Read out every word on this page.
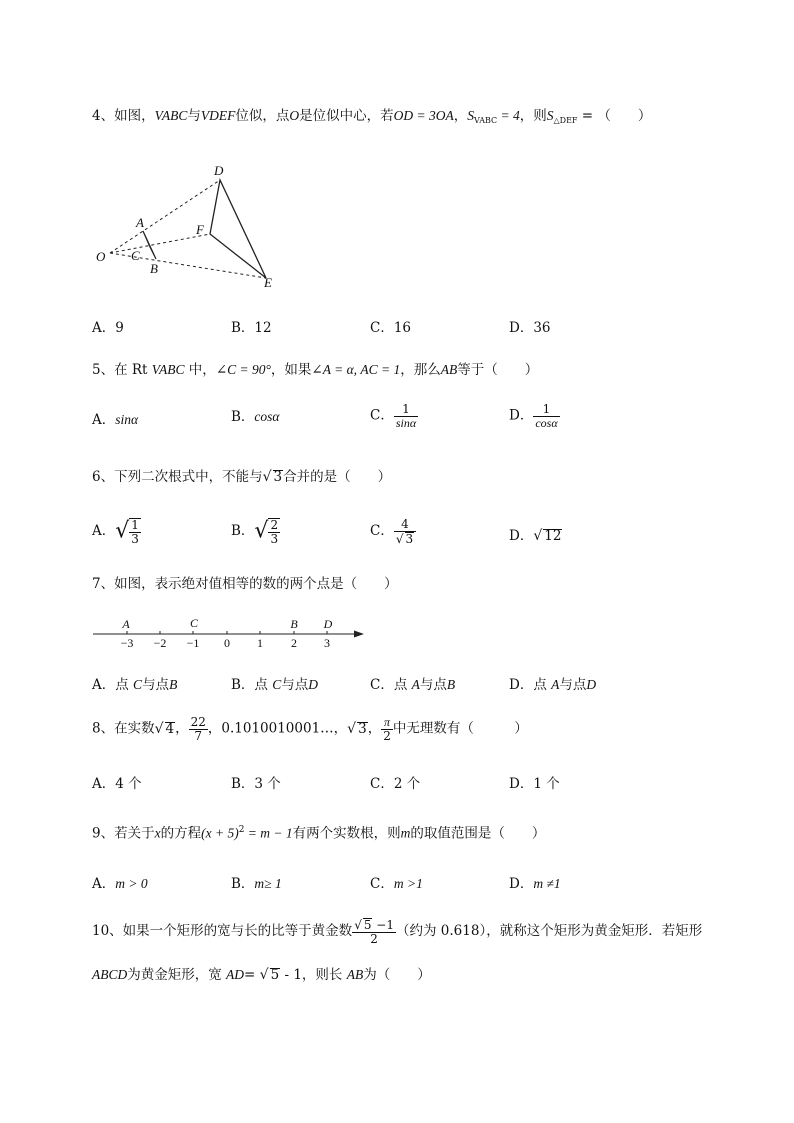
4、如图，VABC与VDEF位似，点O是位似中心，若OD = 3OA，$S_{VABC} = 4$，则$S_{\triangle DEF}$ = （　　）
D
A	F
O C
B
E
A．9	B．12	C．16	D．36
5、在 Rt VABC 中，∠C = 90°，如果∠A = α, AC = 1，那么AB等于（　　）
A．sinα	B．cosα	C． $\frac{1}{\sin\alpha}$	D． $\frac{1}{\cos\alpha}$
6、下列二次根式中，不能与√ 3合并的是（　　）
A．√ $\frac{1}{3}$	B．√ $\frac{2}{3}$	C． $\frac{4}{√ 3}$	D．√ 12
7、如图，表示绝对值相等的数的两个点是（　　）
−3 −2 −1 0 1 2 3
A	C	B D
A．点 C与点B	B．点 C与点D	C．点 A与点B	D．点 A与点D
8、在实数√ 4， $\frac{22}{7}$ ，0.1010010001…，√ 3， $\frac{\pi}{2}$ 中无理数有（　　　）
A．4 个	B．3 个	C．2 个	D．1 个
9、若关于x的方程$(x + 5)^2 = m - 1$有两个实数根，则m的取值范围是（　　）
A．m > 0	B．m≥ 1	C．m >1	D．m ≠1
10、如果一个矩形的宽与长的比等于黄金数 $\frac{√ 5 -1}{2}$ （约为 0.618），就称这个矩形为黄金矩形．若矩形
ABCD为黄金矩形，宽 AD= √ 5 - 1，则长 AB为（　　）
